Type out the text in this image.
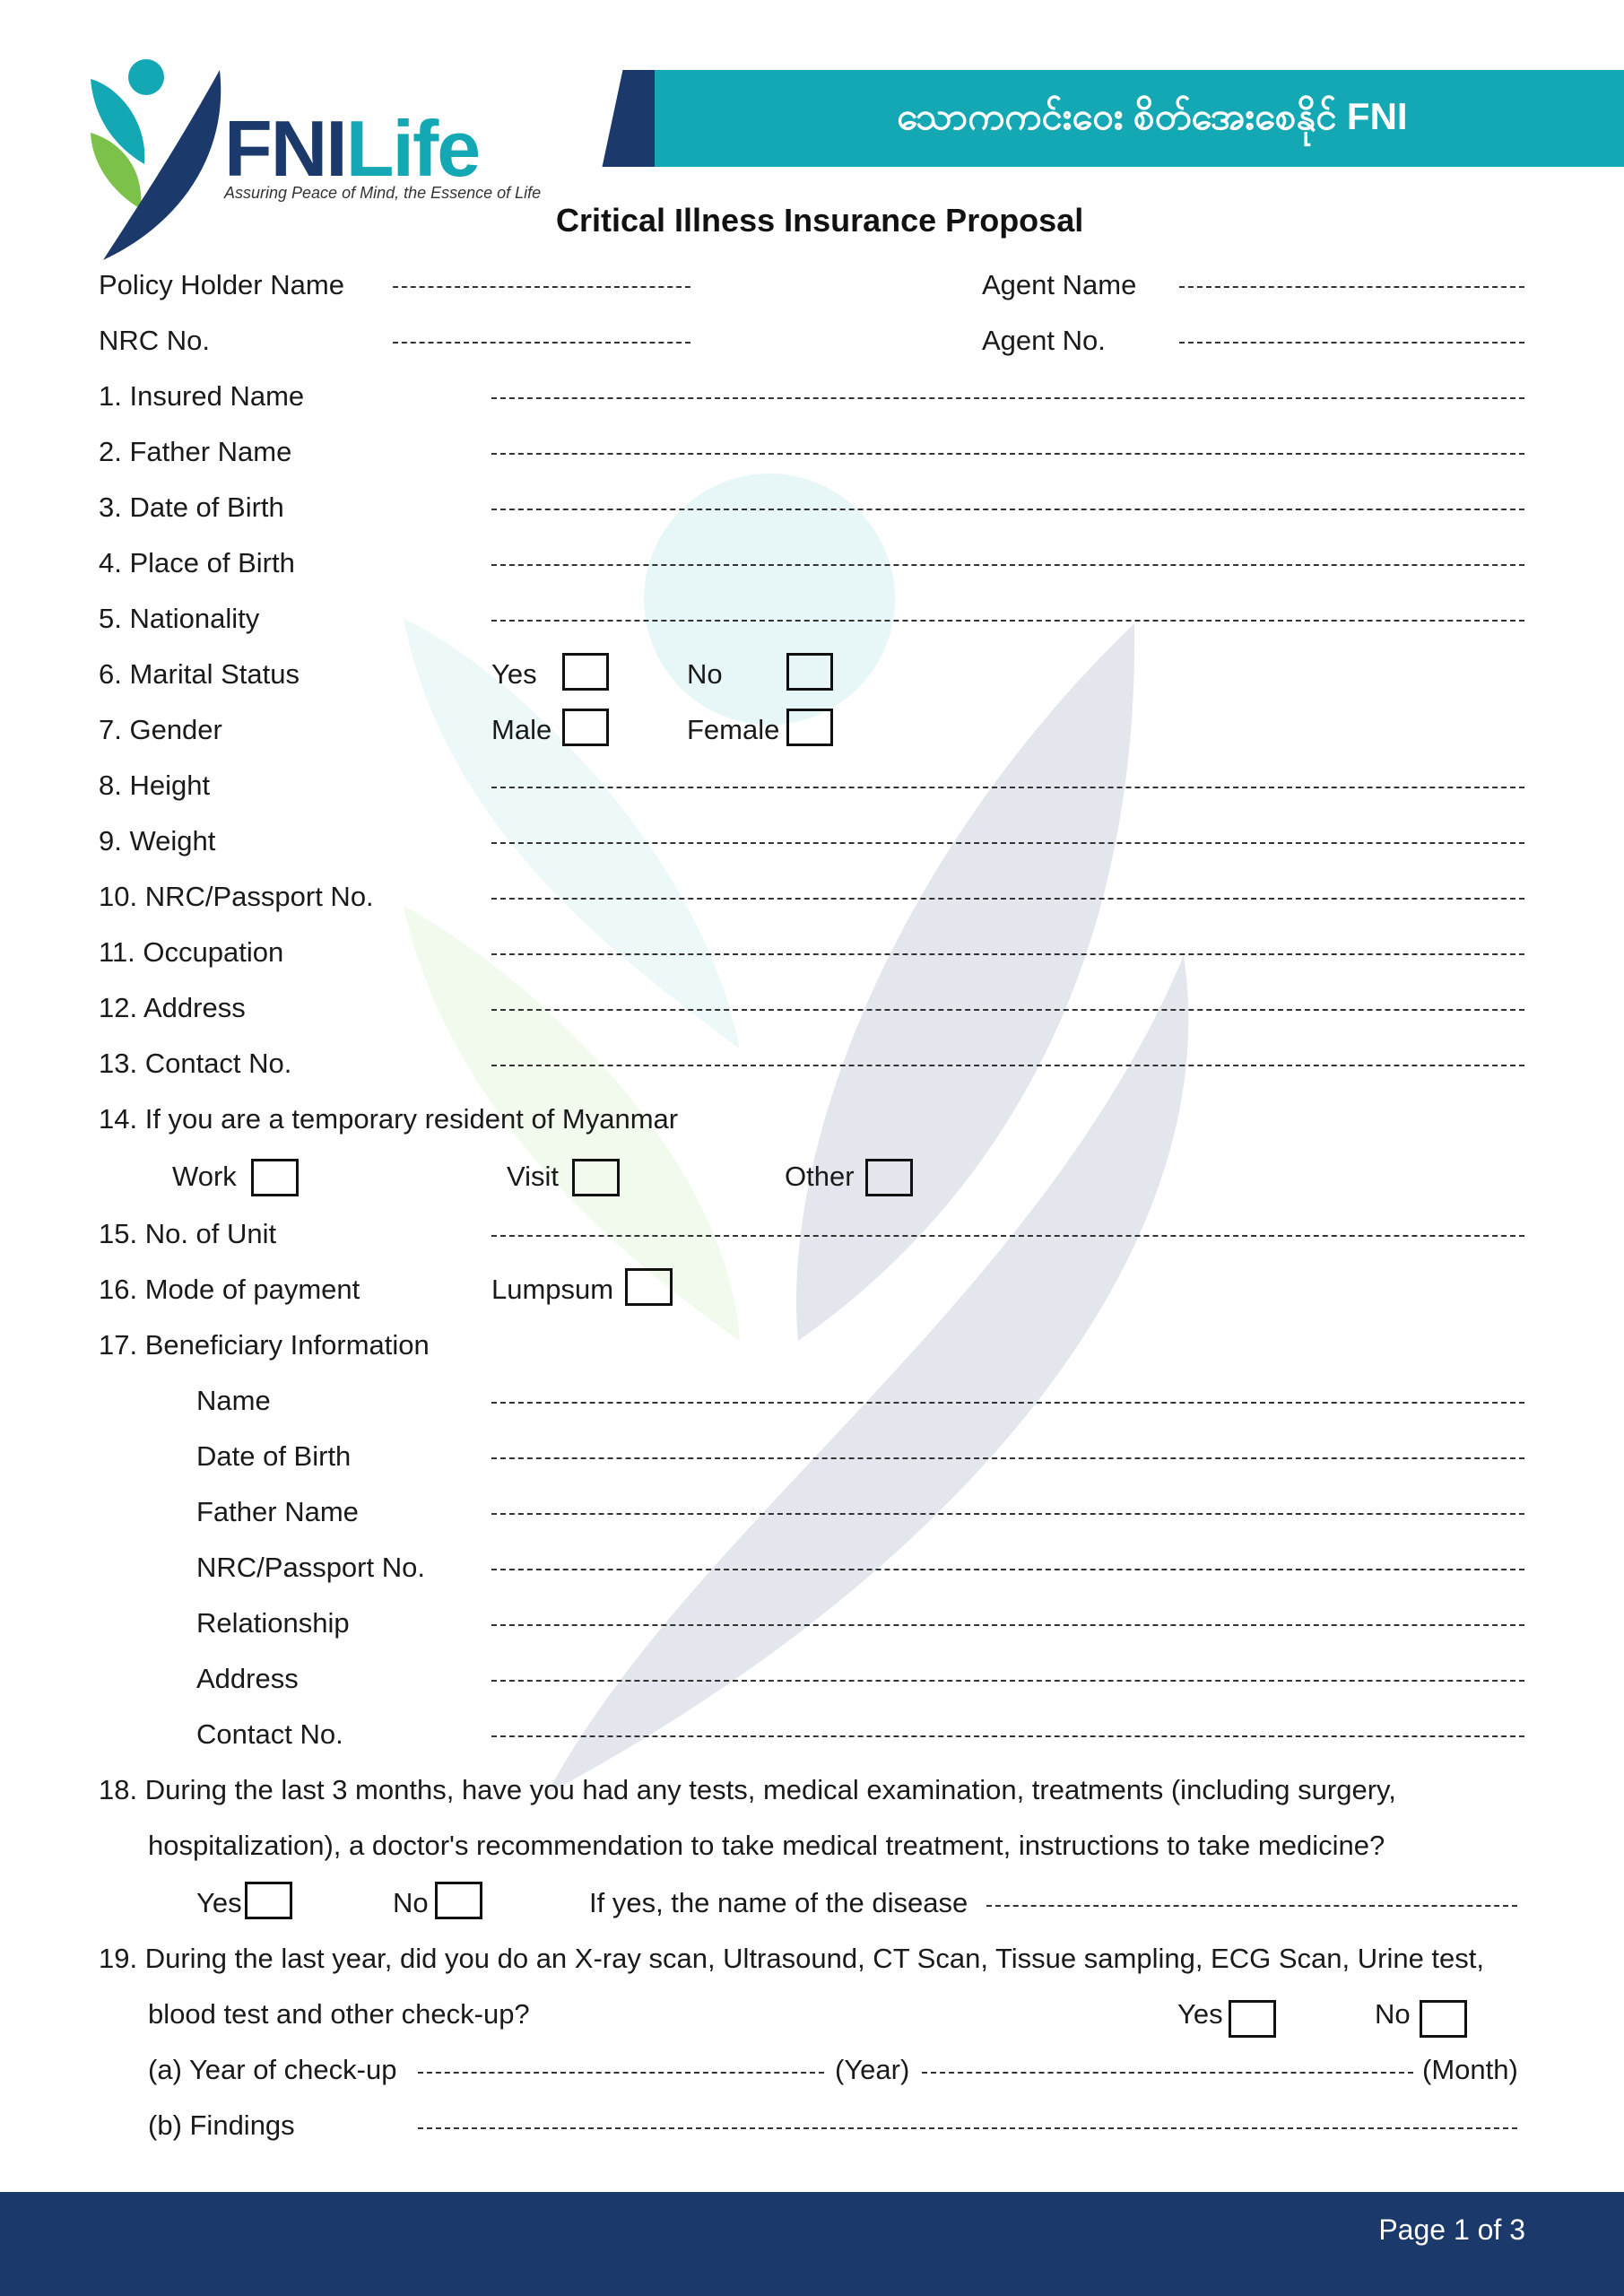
FNILife
Assuring Peace of Mind, the Essence of Life
သောကကင်းဝေး စိတ်အေးစေနိုင် FNI
Critical Illness Insurance Proposal
Policy Holder Name	Agent Name
NRC No.	Agent No.
1. Insured Name
2. Father Name
3. Date of Birth
4. Place of Birth
5. Nationality
6. Marital Status	Yes	No
7. Gender	Male	Female
8. Height
9. Weight
10. NRC/Passport No.
11. Occupation
12. Address
13. Contact No.
14. If you are a temporary resident of Myanmar
Work	Visit	Other
15. No. of Unit
16. Mode of payment	Lumpsum
17. Beneficiary Information
Name
Date of Birth
Father Name
NRC/Passport No.
Relationship
Address
Contact No.
18. During the last 3 months, have you had any tests, medical examination, treatments (including surgery,
hospitalization), a doctor's recommendation to take medical treatment, instructions to take medicine?
Yes	No	If yes, the name of the disease
19. During the last year, did you do an X-ray scan, Ultrasound, CT Scan, Tissue sampling, ECG Scan, Urine test,
blood test and other check-up?	Yes	No
(a) Year of check-up	(Year)	(Month)
(b) Findings
Page 1 of 3
